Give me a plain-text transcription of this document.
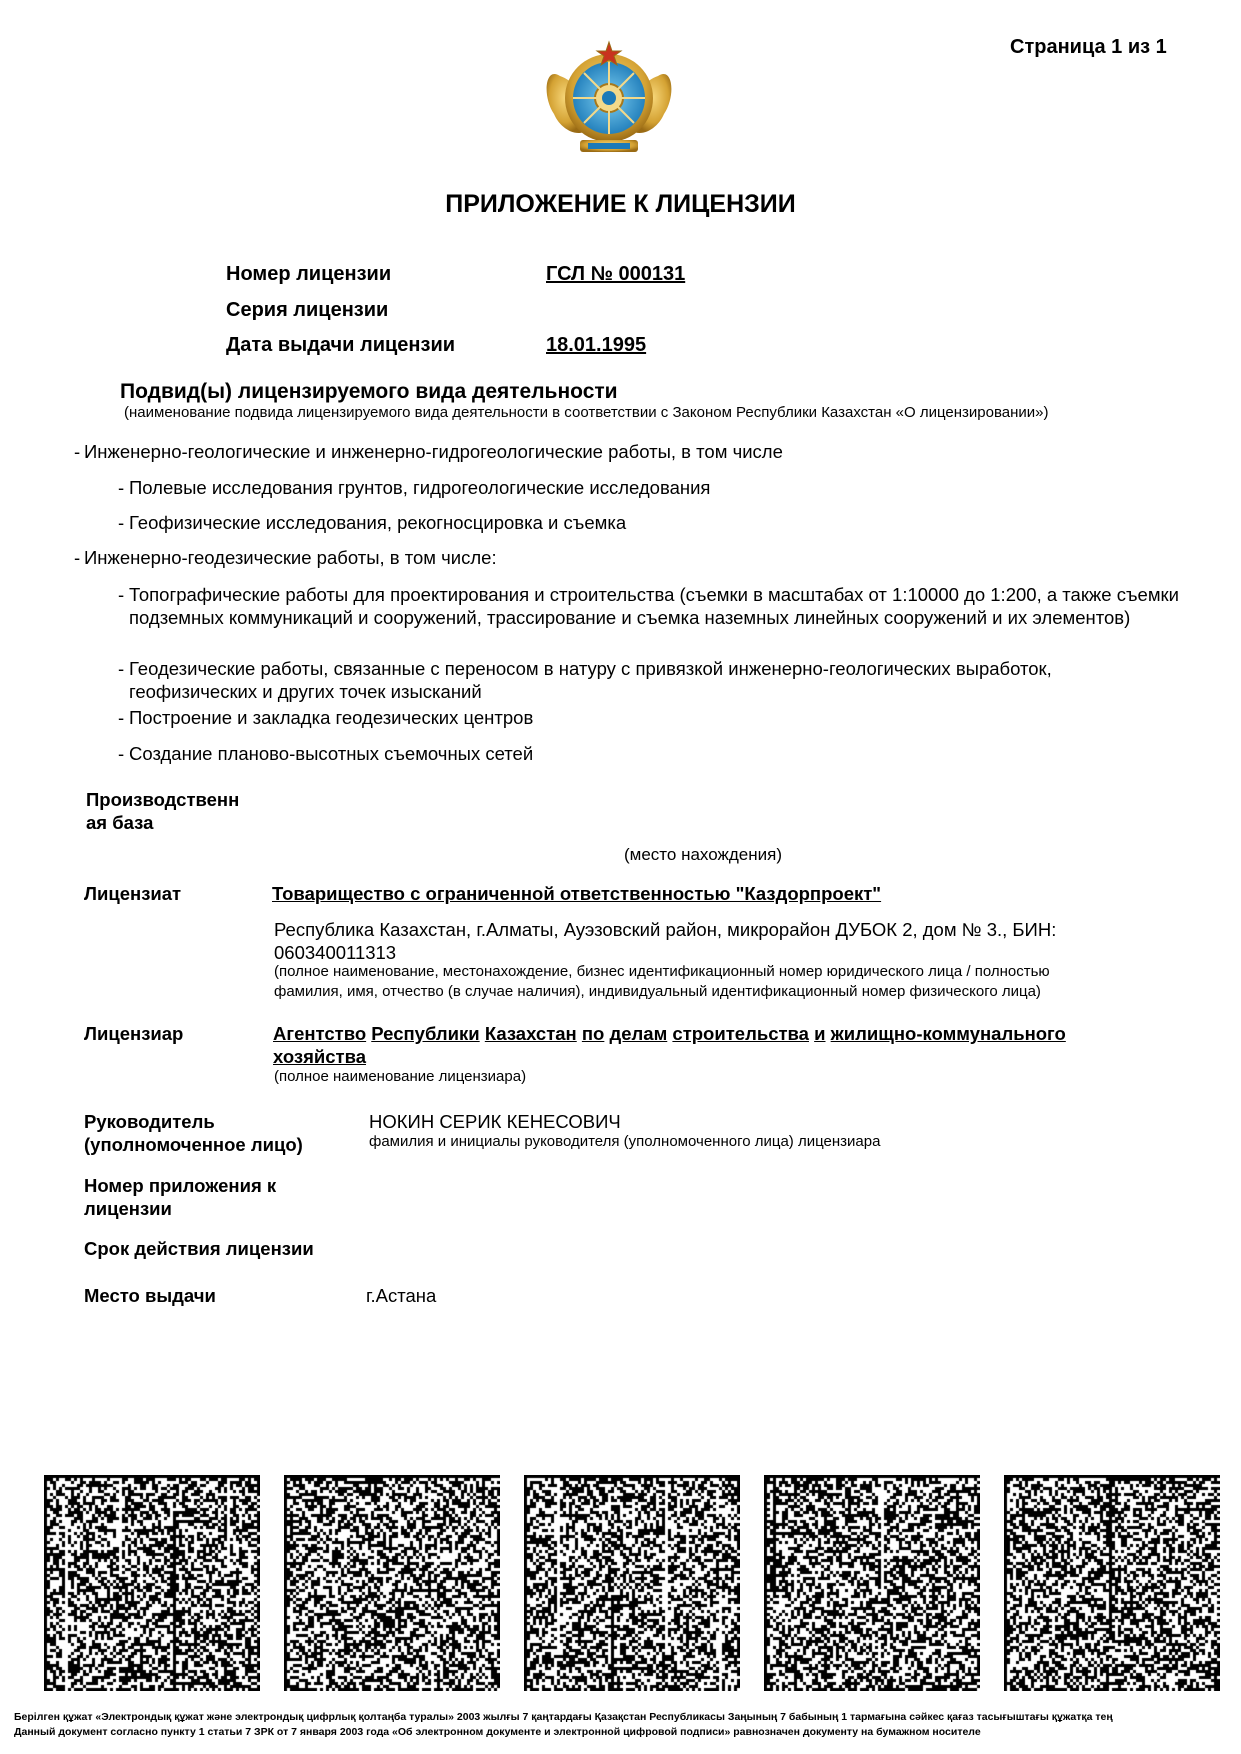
Страница 1 из 1
ПРИЛОЖЕНИЕ К ЛИЦЕНЗИИ
Номер лицензии	ГСЛ № 000131
Серия лицензии
Дата выдачи лицензии	18.01.1995
Подвид(ы) лицензируемого вида деятельности
(наименование подвида лицензируемого вида деятельности в соответствии с Законом Республики Казахстан «О лицензировании»)
- Инженерно-геологические и инженерно-гидрогеологические работы, в том числе
- Полевые исследования грунтов, гидрогеологические исследования
- Геофизические исследования, рекогносцировка и съемка
- Инженерно-геодезические работы, в том числе:
- Топографические работы для проектирования и строительства (съемки в масштабах от 1:10000 до 1:200, а также съемки подземных коммуникаций и сооружений, трассирование и съемка наземных линейных сооружений и их элементов)
- Геодезические работы, связанные с переносом в натуру с привязкой инженерно-геологических выработок, геофизических и других точек изысканий
- Построение и закладка геодезических центров
- Создание планово-высотных съемочных сетей
Производственн
ая база
(место нахождения)
Лицензиат	Товарищество с ограниченной ответственностью "Каздорпроект"
Республика Казахстан, г.Алматы, Ауэзовский район, микрорайон ДУБОК 2, дом № 3., БИН:
060340011313
(полное наименование, местонахождение, бизнес идентификационный номер юридического лица / полностью
фамилия, имя, отчество (в случае наличия), индивидуальный идентификационный номер физического лица)
Лицензиар	Агентство Республики Казахстан по делам строительства и жилищно-коммунального
хозяйства
(полное наименование лицензиара)
Руководитель
(уполномоченное лицо)
НОКИН СЕРИК КЕНЕСОВИЧ
фамилия и инициалы руководителя (уполномоченного лица) лицензиара
Номер приложения к
лицензии
Срок действия лицензии
Место выдачи	г.Астана
Берілген құжат «Электрондық құжат және электрондық цифрлық қолтаңба туралы» 2003 жылғы 7 қаңтардағы Қазақстан Республикасы Заңының 7 бабының 1 тармағына сәйкес қағаз тасығыштағы құжатқа тең
Данный документ согласно пункту 1 статьи 7 ЗРК от 7 января 2003 года «Об электронном документе и электронной цифровой подписи» равнозначен документу на бумажном носителе
